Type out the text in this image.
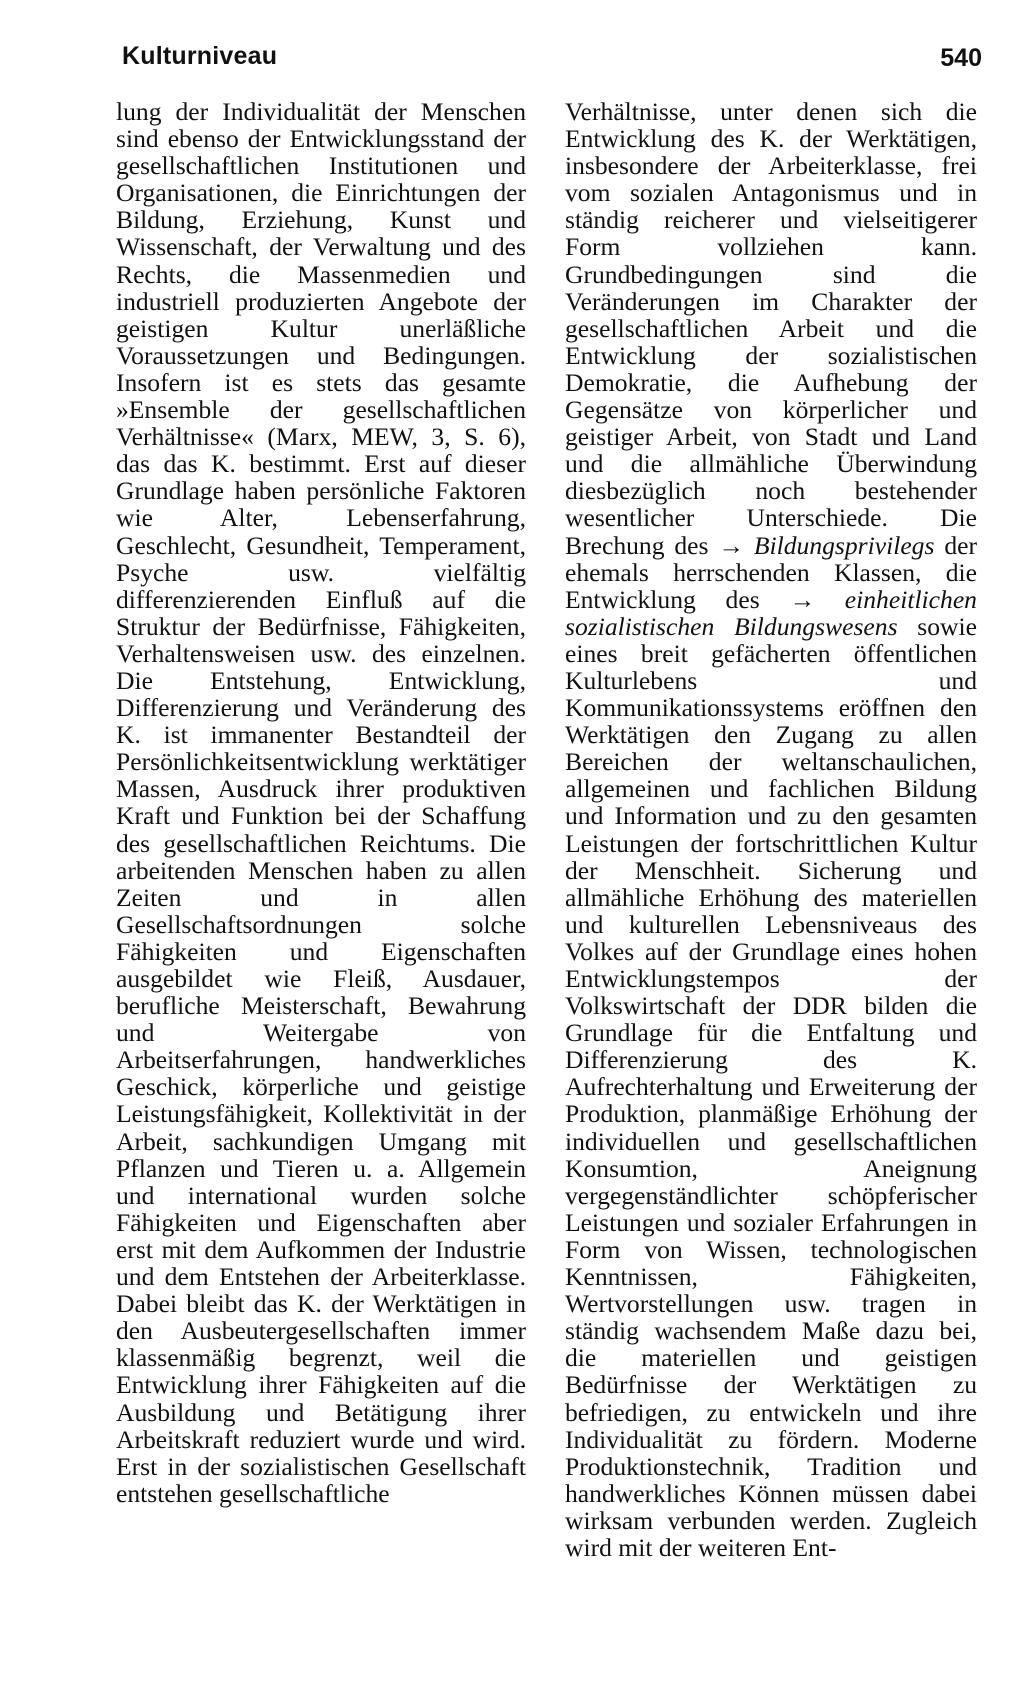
Kulturniveau	540

lung der Individualität der Menschen sind ebenso der Entwicklungsstand der gesellschaftlichen Institutionen und Organisationen, die Einrichtungen der Bildung, Erziehung, Kunst und Wissenschaft, der Verwaltung und des Rechts, die Massenmedien und industriell produzierten Angebote der geistigen Kultur unerläßliche Voraussetzungen und Bedingungen. Insofern ist es stets das gesamte »Ensemble der gesellschaftlichen Verhältnisse« (Marx, MEW, 3, S. 6), das das K. bestimmt. Erst auf dieser Grundlage haben persönliche Faktoren wie Alter, Lebenserfahrung, Geschlecht, Gesundheit, Temperament, Psyche usw. vielfältig differenzierenden Einfluß auf die Struktur der Bedürfnisse, Fähigkeiten, Verhaltensweisen usw. des einzelnen. Die Entstehung, Entwicklung, Differenzierung und Veränderung des K. ist immanenter Bestandteil der Persönlichkeitsentwicklung werktätiger Massen, Ausdruck ihrer produktiven Kraft und Funktion bei der Schaffung des gesellschaftlichen Reichtums. Die arbeitenden Menschen haben zu allen Zeiten und in allen Gesellschaftsordnungen solche Fähigkeiten und Eigenschaften ausgebildet wie Fleiß, Ausdauer, berufliche Meisterschaft, Bewahrung und Weitergabe von Arbeitserfahrungen, handwerkliches Geschick, körperliche und geistige Leistungsfähigkeit, Kollektivität in der Arbeit, sachkundigen Umgang mit Pflanzen und Tieren u. a. Allgemein und international wurden solche Fähigkeiten und Eigenschaften aber erst mit dem Aufkommen der Industrie und dem Entstehen der Arbeiterklasse. Dabei bleibt das K. der Werktätigen in den Ausbeutergesellschaften immer klassenmäßig begrenzt, weil die Entwicklung ihrer Fähigkeiten auf die Ausbildung und Betätigung ihrer Arbeitskraft reduziert wurde und wird. Erst in der sozialistischen Gesellschaft entstehen gesellschaftliche

Verhältnisse, unter denen sich die Entwicklung des K. der Werktätigen, insbesondere der Arbeiterklasse, frei vom sozialen Antagonismus und in ständig reicherer und vielseitigerer Form vollziehen kann. Grundbedingungen sind die Veränderungen im Charakter der gesellschaftlichen Arbeit und die Entwicklung der sozialistischen Demokratie, die Aufhebung der Gegensätze von körperlicher und geistiger Arbeit, von Stadt und Land und die allmähliche Überwindung diesbezüglich noch bestehender wesentlicher Unterschiede. Die Brechung des → Bildungsprivilegs der ehemals herrschenden Klassen, die Entwicklung des → einheitlichen sozialistischen Bildungswesens sowie eines breit gefächerten öffentlichen Kulturlebens und Kommunikationssystems eröffnen den Werktätigen den Zugang zu allen Bereichen der weltanschaulichen, allgemeinen und fachlichen Bildung und Information und zu den gesamten Leistungen der fortschrittlichen Kultur der Menschheit. Sicherung und allmähliche Erhöhung des materiellen und kulturellen Lebensniveaus des Volkes auf der Grundlage eines hohen Entwicklungstempos der Volkswirtschaft der DDR bilden die Grundlage für die Entfaltung und Differenzierung des K. Aufrechterhaltung und Erweiterung der Produktion, planmäßige Erhöhung der individuellen und gesellschaftlichen Konsumtion, Aneignung vergegenständlichter schöpferischer Leistungen und sozialer Erfahrungen in Form von Wissen, technologischen Kenntnissen, Fähigkeiten, Wertvorstellungen usw. tragen in ständig wachsendem Maße dazu bei, die materiellen und geistigen Bedürfnisse der Werktätigen zu befriedigen, zu entwickeln und ihre Individualität zu fördern. Moderne Produktionstechnik, Tradition und handwerkliches Können müssen dabei wirksam verbunden werden. Zugleich wird mit der weiteren Ent-
